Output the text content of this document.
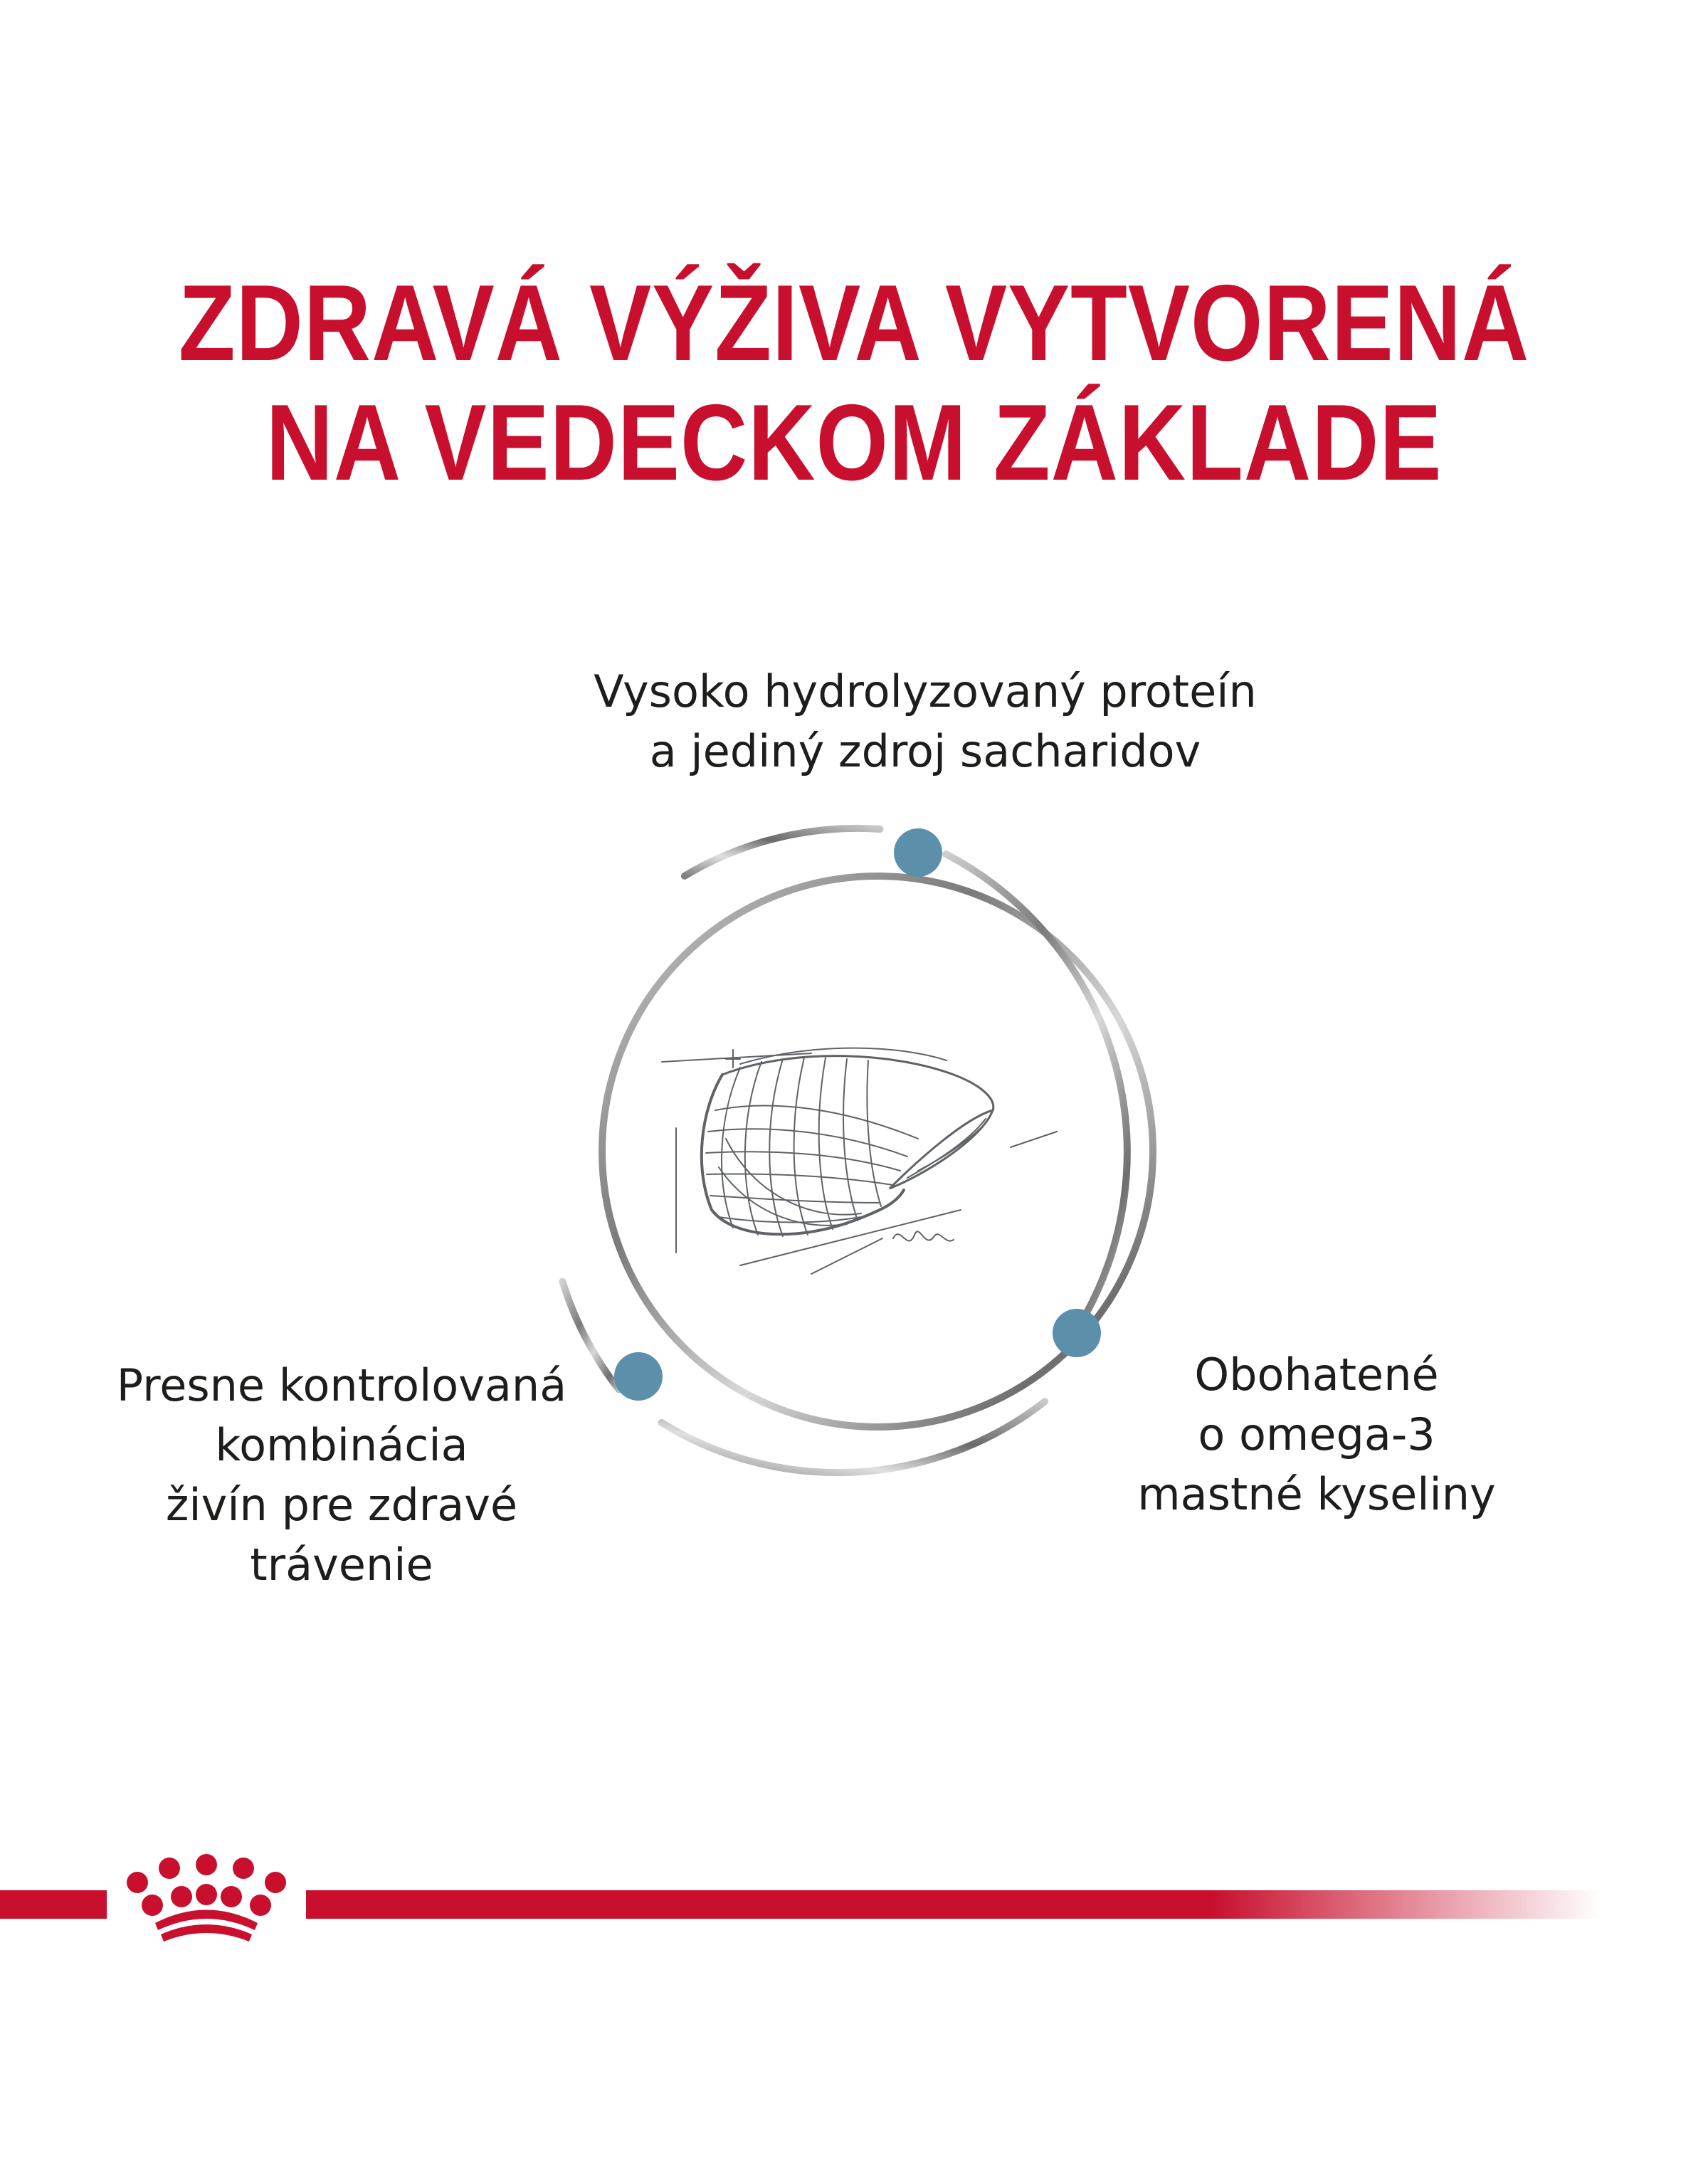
ZDRAVÁ VÝŽIVA VYTVORENÁ
NA VEDECKOM ZÁKLADE
Vysoko hydrolyzovaný proteín
a jediný zdroj sacharidov
Presne kontrolovaná
kombinácia
živín pre zdravé
trávenie
Obohatené
o omega-3
mastné kyseliny
